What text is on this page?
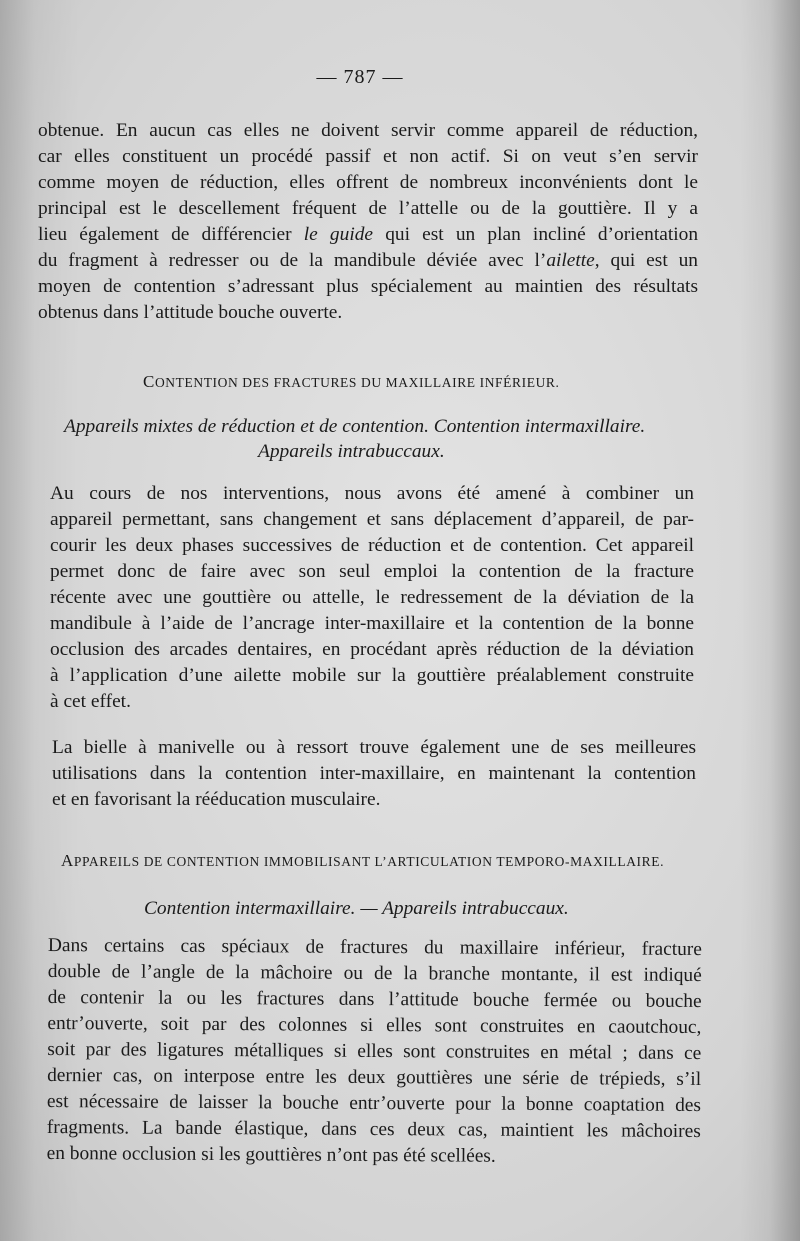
— 787 —

obtenue. En aucun cas elles ne doivent servir comme appareil de réduction,
car elles constituent un procédé passif et non actif. Si on veut s’en servir
comme moyen de réduction, elles offrent de nombreux inconvénients dont le
principal est le descellement fréquent de l’attelle ou de la gouttière. Il y a
lieu également de différencier le guide qui est un plan incliné d’orientation
du fragment à redresser ou de la mandibule déviée avec l’ailette, qui est un
moyen de contention s’adressant plus spécialement au maintien des résultats
obtenus dans l’attitude bouche ouverte.

CONTENTION DES FRACTURES DU MAXILLAIRE INFÉRIEUR.
Appareils mixtes de réduction et de contention. Contention intermaxillaire.
Appareils intrabuccaux.

Au cours de nos interventions, nous avons été amené à combiner un
appareil permettant, sans changement et sans déplacement d’appareil, de par-
courir les deux phases successives de réduction et de contention. Cet appareil
permet donc de faire avec son seul emploi la contention de la fracture
récente avec une gouttière ou attelle, le redressement de la déviation de la
mandibule à l’aide de l’ancrage inter-maxillaire et la contention de la bonne
occlusion des arcades dentaires, en procédant après réduction de la déviation
à l’application d’une ailette mobile sur la gouttière préalablement construite
à cet effet.

La bielle à manivelle ou à ressort trouve également une de ses meilleures
utilisations dans la contention inter-maxillaire, en maintenant la contention
et en favorisant la rééducation musculaire.

APPAREILS DE CONTENTION IMMOBILISANT L’ARTICULATION TEMPORO-MAXILLAIRE.
Contention intermaxillaire. — Appareils intrabuccaux.

Dans certains cas spéciaux de fractures du maxillaire inférieur, fracture
double de l’angle de la mâchoire ou de la branche montante, il est indiqué
de contenir la ou les fractures dans l’attitude bouche fermée ou bouche
entr’ouverte, soit par des colonnes si elles sont construites en caoutchouc,
soit par des ligatures métalliques si elles sont construites en métal ; dans ce
dernier cas, on interpose entre les deux gouttières une série de trépieds, s’il
est nécessaire de laisser la bouche entr’ouverte pour la bonne coaptation des
fragments. La bande élastique, dans ces deux cas, maintient les mâchoires
en bonne occlusion si les gouttières n’ont pas été scellées.
